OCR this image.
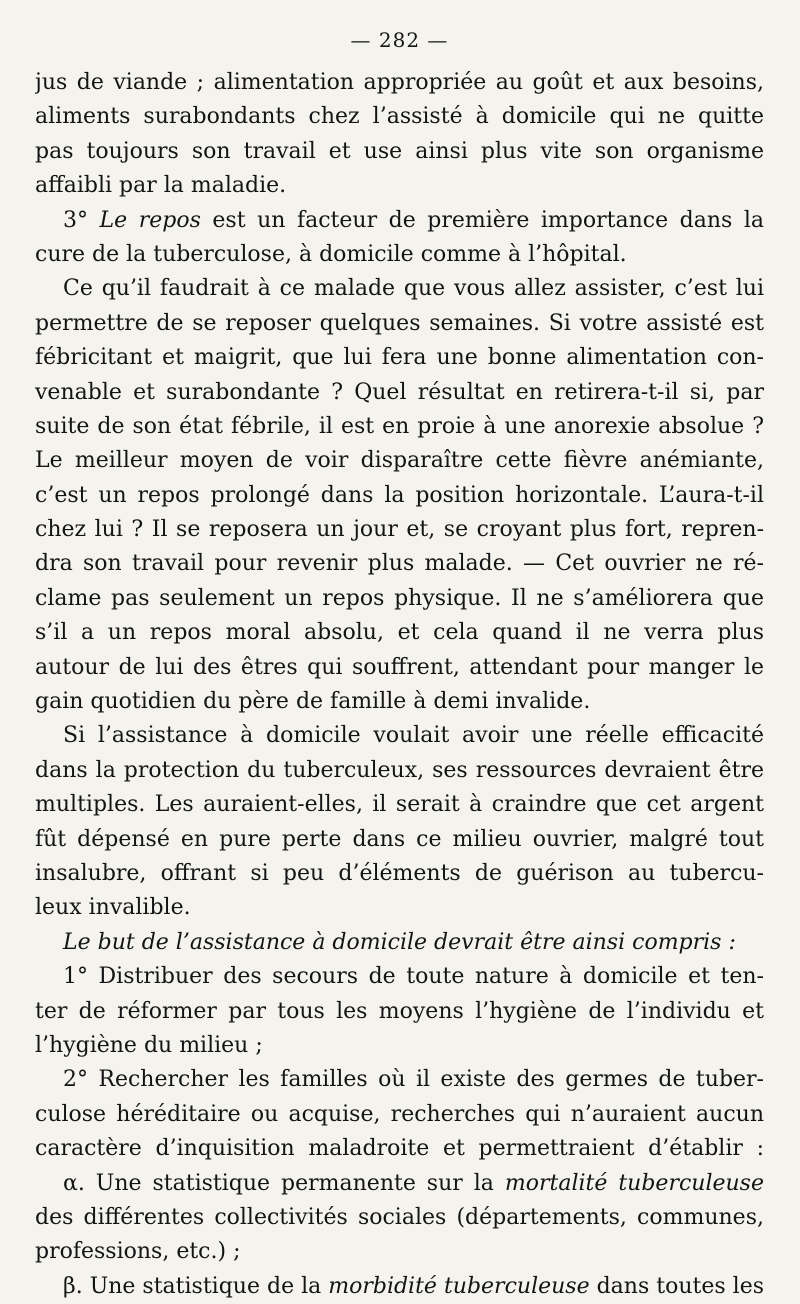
— 282 —
jus de viande ; alimentation appropriée au goût et aux besoins,
aliments surabondants chez l’assisté à domicile qui ne quitte
pas toujours son travail et use ainsi plus vite son organisme
affaibli par la maladie.
3° Le repos est un facteur de première importance dans la
cure de la tuberculose, à domicile comme à l’hôpital.
Ce qu’il faudrait à ce malade que vous allez assister, c’est lui
permettre de se reposer quelques semaines. Si votre assisté est
fébricitant et maigrit, que lui fera une bonne alimentation con-
venable et surabondante ? Quel résultat en retirera-t-il si, par
suite de son état fébrile, il est en proie à une anorexie absolue ?
Le meilleur moyen de voir disparaître cette fièvre anémiante,
c’est un repos prolongé dans la position horizontale. L’aura-t-il
chez lui ? Il se reposera un jour et, se croyant plus fort, repren-
dra son travail pour revenir plus malade. — Cet ouvrier ne ré-
clame pas seulement un repos physique. Il ne s’améliorera que
s’il a un repos moral absolu, et cela quand il ne verra plus
autour de lui des êtres qui souffrent, attendant pour manger le
gain quotidien du père de famille à demi invalide.
Si l’assistance à domicile voulait avoir une réelle efficacité
dans la protection du tuberculeux, ses ressources devraient être
multiples. Les auraient-elles, il serait à craindre que cet argent
fût dépensé en pure perte dans ce milieu ouvrier, malgré tout
insalubre, offrant si peu d’éléments de guérison au tubercu-
leux invalible.
Le but de l’assistance à domicile devrait être ainsi compris :
1° Distribuer des secours de toute nature à domicile et ten-
ter de réformer par tous les moyens l’hygiène de l’individu et
l’hygiène du milieu ;
2° Rechercher les familles où il existe des germes de tuber-
culose héréditaire ou acquise, recherches qui n’auraient aucun
caractère d’inquisition maladroite et permettraient d’établir :
α. Une statistique permanente sur la mortalité tuberculeuse
des différentes collectivités sociales (départements, communes,
professions, etc.) ;
β. Une statistique de la morbidité tuberculeuse dans toutes les
